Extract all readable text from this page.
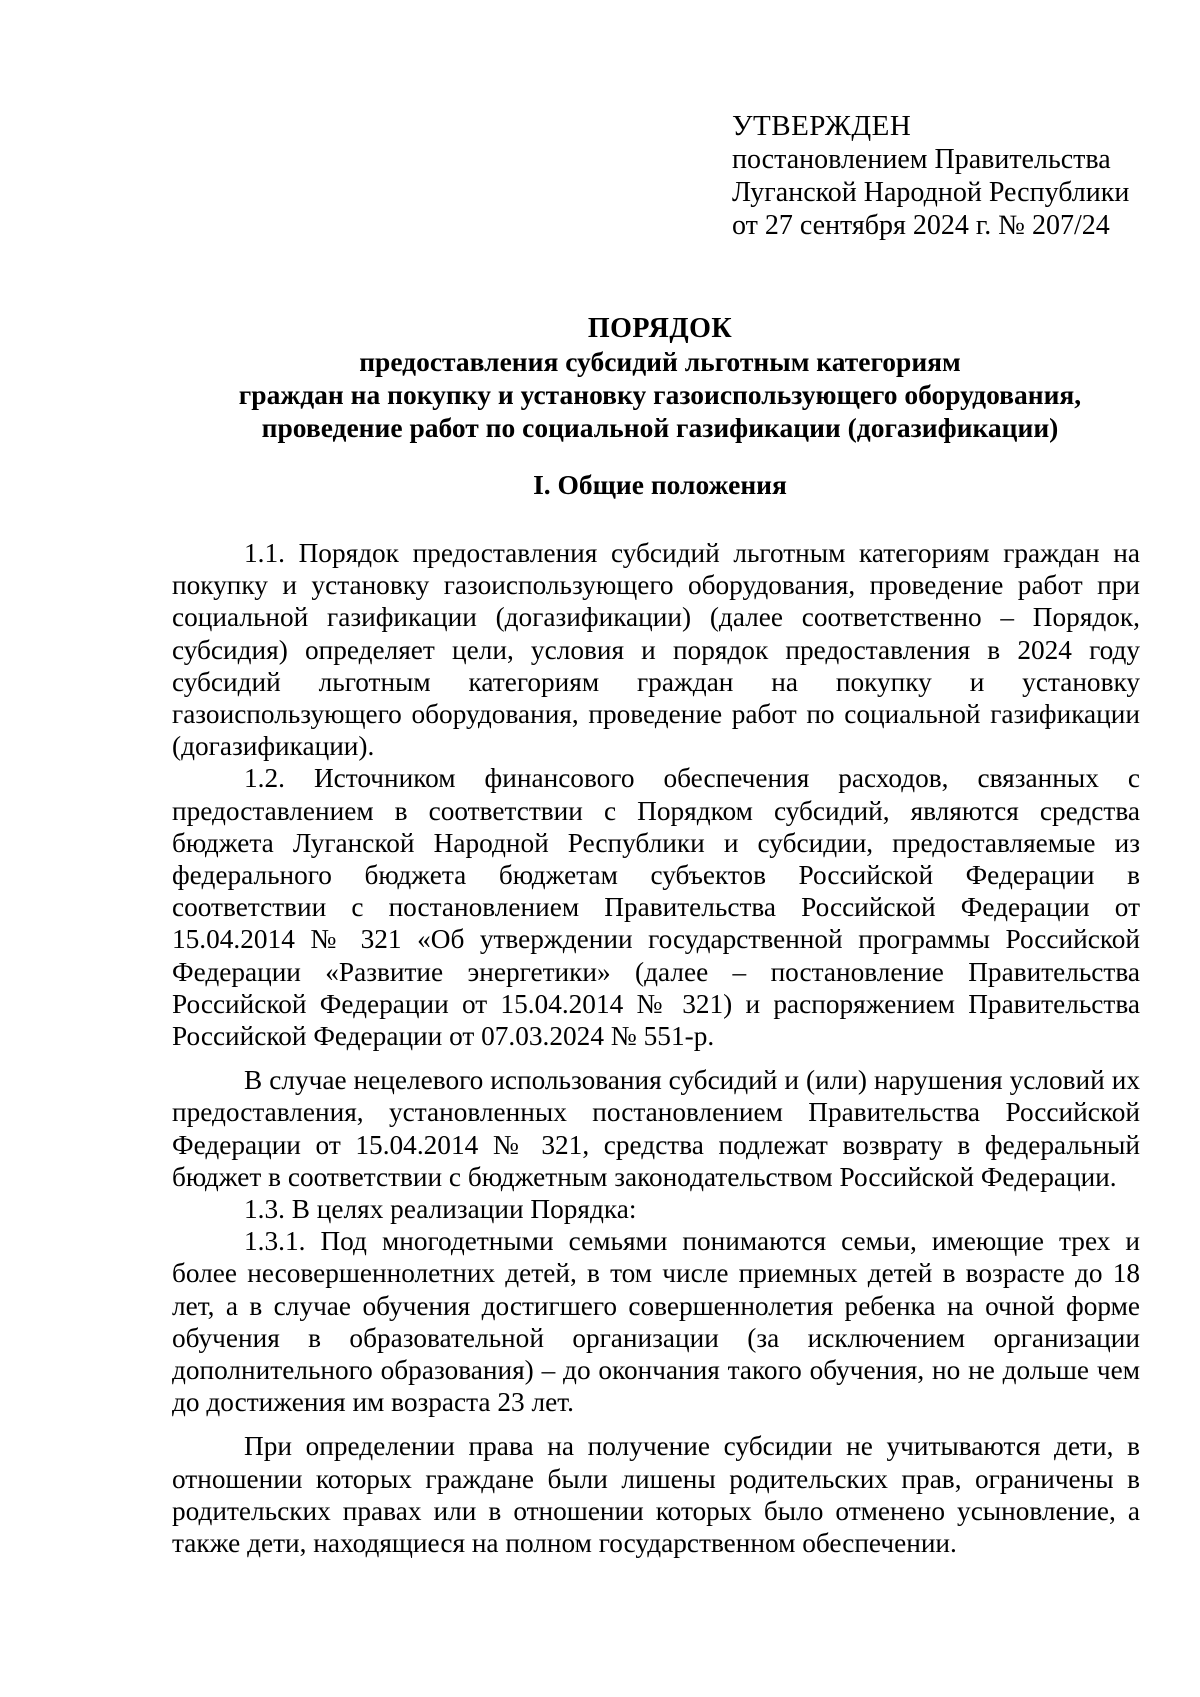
УТВЕРЖДЕН
постановлением Правительства
Луганской Народной Республики
от 27 сентября 2024 г. № 207/24
ПОРЯДОК
предоставления субсидий льготным категориям
граждан на покупку и установку газоиспользующего оборудования,
проведение работ по социальной газификации (догазификации)
I. Общие положения

1.1. Порядок предоставления субсидий льготным категориям граждан на покупку и установку газоиспользующего оборудования, проведение работ при социальной газификации (догазификации) (далее соответственно – Порядок, субсидия) определяет цели, условия и порядок предоставления в 2024 году субсидий льготным категориям граждан на покупку и установку газоиспользующего оборудования, проведение работ по социальной газификации (догазификации).

1.2. Источником финансового обеспечения расходов, связанных с предоставлением в соответствии с Порядком субсидий, являются средства бюджета Луганской Народной Республики и субсидии, предоставляемые из федерального бюджета бюджетам субъектов Российской Федерации в соответствии с постановлением Правительства Российской Федерации от 15.04.2014 № 321 «Об утверждении государственной программы Российской Федерации «Развитие энергетики» (далее – постановление Правительства Российской Федерации от 15.04.2014 № 321) и распоряжением Правительства Российской Федерации от 07.03.2024 № 551-р.

В случае нецелевого использования субсидий и (или) нарушения условий их предоставления, установленных постановлением Правительства Российской Федерации от 15.04.2014 № 321, средства подлежат возврату в федеральный бюджет в соответствии с бюджетным законодательством Российской Федерации.

1.3. В целях реализации Порядка:

1.3.1. Под многодетными семьями понимаются семьи, имеющие трех и более несовершеннолетних детей, в том числе приемных детей в возрасте до 18 лет, а в случае обучения достигшего совершеннолетия ребенка на очной форме обучения в образовательной организации (за исключением организации дополнительного образования) – до окончания такого обучения, но не дольше чем до достижения им возраста 23 лет.

При определении права на получение субсидии не учитываются дети, в отношении которых граждане были лишены родительских прав, ограничены в родительских правах или в отношении которых было отменено усыновление, а также дети, находящиеся на полном государственном обеспечении.
